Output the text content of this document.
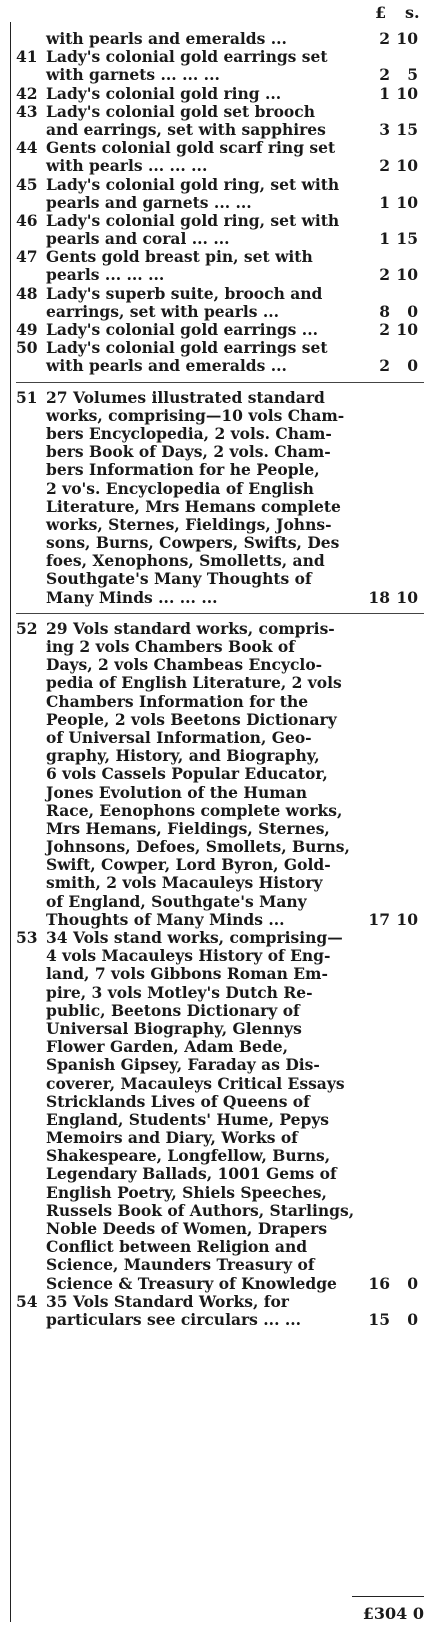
£ s.
with pearls and emeralds ...	2 10
41 Lady's colonial gold earrings set
with garnets ... ... ...	2 5
42 Lady's colonial gold ring ...	1 10
43 Lady's colonial gold set brooch
and earrings, set with sapphires	3 15
44 Gents colonial gold scarf ring set
with pearls ... ... ...	2 10
45 Lady's colonial gold ring, set with
pearls and garnets ... ...	1 10
46 Lady's colonial gold ring, set with
pearls and coral ... ...	1 15
47 Gents gold breast pin, set with
pearls ... ... ...	2 10
48 Lady's superb suite, brooch and
earrings, set with pearls ...	8 0
49 Lady's colonial gold earrings ...	2 10
50 Lady's colonial gold earrings set
with pearls and emeralds ...	2 0
51 27 Volumes illustrated standard
works, comprising—10 vols Cham-
bers Encyclopedia, 2 vols. Cham-
bers Book of Days, 2 vols. Cham-
bers Information for he People,
2 vo's. Encyclopedia of English
Literature, Mrs Hemans complete
works, Sternes, Fieldings, Johns-
sons, Burns, Cowpers, Swifts, Des
foes, Xenophons, Smolletts, and
Southgate's Many Thoughts of
Many Minds ... ... ...	18 10
52 29 Vols standard works, compris-
ing 2 vols Chambers Book of
Days, 2 vols Chambeas Encyclo-
pedia of English Literature, 2 vols
Chambers Information for the
People, 2 vols Beetons Dictionary
of Universal Information, Geo-
graphy, History, and Biography,
6 vols Cassels Popular Educator,
Jones Evolution of the Human
Race, Eenophons complete works,
Mrs Hemans, Fieldings, Sternes,
Johnsons, Defoes, Smollets, Burns,
Swift, Cowper, Lord Byron, Gold-
smith, 2 vols Macauleys History
of England, Southgate's Many
Thoughts of Many Minds ...	17 10
53 34 Vols stand works, comprising—
4 vols Macauleys History of Eng-
land, 7 vols Gibbons Roman Em-
pire, 3 vols Motley's Dutch Re-
public, Beetons Dictionary of
Universal Biography, Glennys
Flower Garden, Adam Bede,
Spanish Gipsey, Faraday as Dis-
coverer, Macauleys Critical Essays
Stricklands Lives of Queens of
England, Students' Hume, Pepys
Memoirs and Diary, Works of
Shakespeare, Longfellow, Burns,
Legendary Ballads, 1001 Gems of
English Poetry, Shiels Speeches,
Russels Book of Authors, Starlings,
Noble Deeds of Women, Drapers
Conflict between Religion and
Science, Maunders Treasury of
Science & Treasury of Knowledge	16 0
54 35 Vols Standard Works, for
particulars see circulars ... ...	15 0
£304 0
